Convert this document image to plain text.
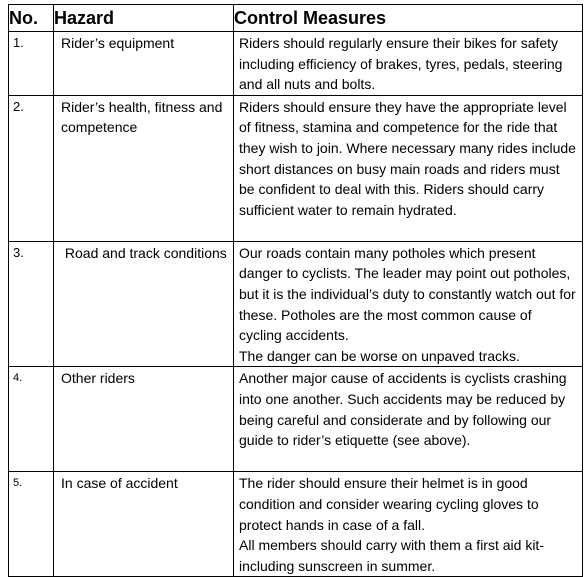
No.	Hazard	Control Measures

1.	Rider’s equipment	Riders should regularly ensure their bikes for safety including efficiency of brakes, tyres, pedals, steering and all nuts and bolts.

2.	Rider’s health, fitness and competence	Riders should ensure they have the appropriate level of fitness, stamina and competence for the ride that they wish to join. Where necessary many rides include short distances on busy main roads and riders must be confident to deal with this. Riders should carry sufficient water to remain hydrated.

3.	Road and track conditions	Our roads contain many potholes which present danger to cyclists. The leader may point out potholes, but it is the individual’s duty to constantly watch out for these. Potholes are the most common cause of cycling accidents.

The danger can be worse on unpaved tracks.

4.	Other riders	Another major cause of accidents is cyclists crashing into one another. Such accidents may be reduced by being careful and considerate and by following our guide to rider’s etiquette (see above).

5.	In case of accident	The rider should ensure their helmet is in good condition and consider wearing cycling gloves to protect hands in case of a fall.

All members should carry with them a first aid kit- including sunscreen in summer.
